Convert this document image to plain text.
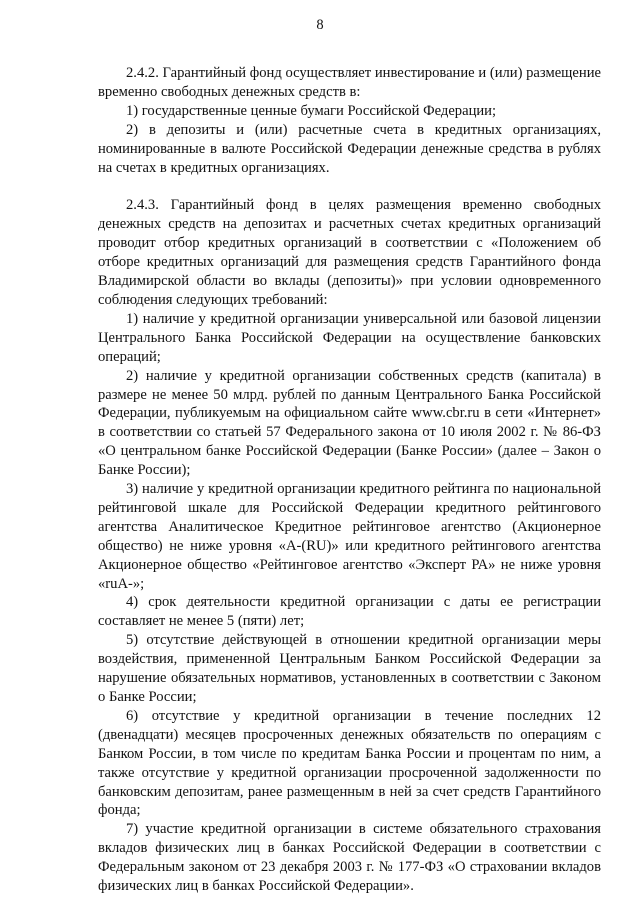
8

2.4.2. Гарантийный фонд осуществляет инвестирование и (или) размещение временно свободных денежных средств в:

1) государственные ценные бумаги Российской Федерации;

2) в депозиты и (или) расчетные счета в кредитных организациях, номинированные в валюте Российской Федерации денежные средства в рублях на счетах в кредитных организациях.

2.4.3. Гарантийный фонд в целях размещения временно свободных денежных средств на депозитах и расчетных счетах кредитных организаций проводит отбор кредитных организаций в соответствии с «Положением об отборе кредитных организаций для размещения средств Гарантийного фонда Владимирской области во вклады (депозиты)» при условии одновременного соблюдения следующих требований:

1) наличие у кредитной организации универсальной или базовой лицензии Центрального Банка Российской Федерации на осуществление банковских операций;

2) наличие у кредитной организации собственных средств (капитала) в размере не менее 50 млрд. рублей по данным Центрального Банка Российской Федерации, публикуемым на официальном сайте www.cbr.ru в сети «Интернет» в соответствии со статьей 57 Федерального закона от 10 июля 2002 г. № 86-ФЗ «О центральном банке Российской Федерации (Банке России» (далее – Закон о Банке России);

3) наличие у кредитной организации кредитного рейтинга по национальной рейтинговой шкале для Российской Федерации кредитного рейтингового агентства Аналитическое Кредитное рейтинговое агентство (Акционерное общество) не ниже уровня «А-(RU)» или кредитного рейтингового агентства Акционерное общество «Рейтинговое агентство «Эксперт РА» не ниже уровня «ruA-»;

4) срок деятельности кредитной организации с даты ее регистрации составляет не менее 5 (пяти) лет;

5) отсутствие действующей в отношении кредитной организации меры воздействия, примененной Центральным Банком Российской Федерации за нарушение обязательных нормативов, установленных в соответствии с Законом о Банке России;

6) отсутствие у кредитной организации в течение последних 12 (двенадцати) месяцев просроченных денежных обязательств по операциям с Банком России, в том числе по кредитам Банка России и процентам по ним, а также отсутствие у кредитной организации просроченной задолженности по банковским депозитам, ранее размещенным в ней за счет средств Гарантийного фонда;

7) участие кредитной организации в системе обязательного страхования вкладов физических лиц в банках Российской Федерации в соответствии с Федеральным законом от 23 декабря 2003 г. № 177-ФЗ «О страховании вкладов физических лиц в банках Российской Федерации».
